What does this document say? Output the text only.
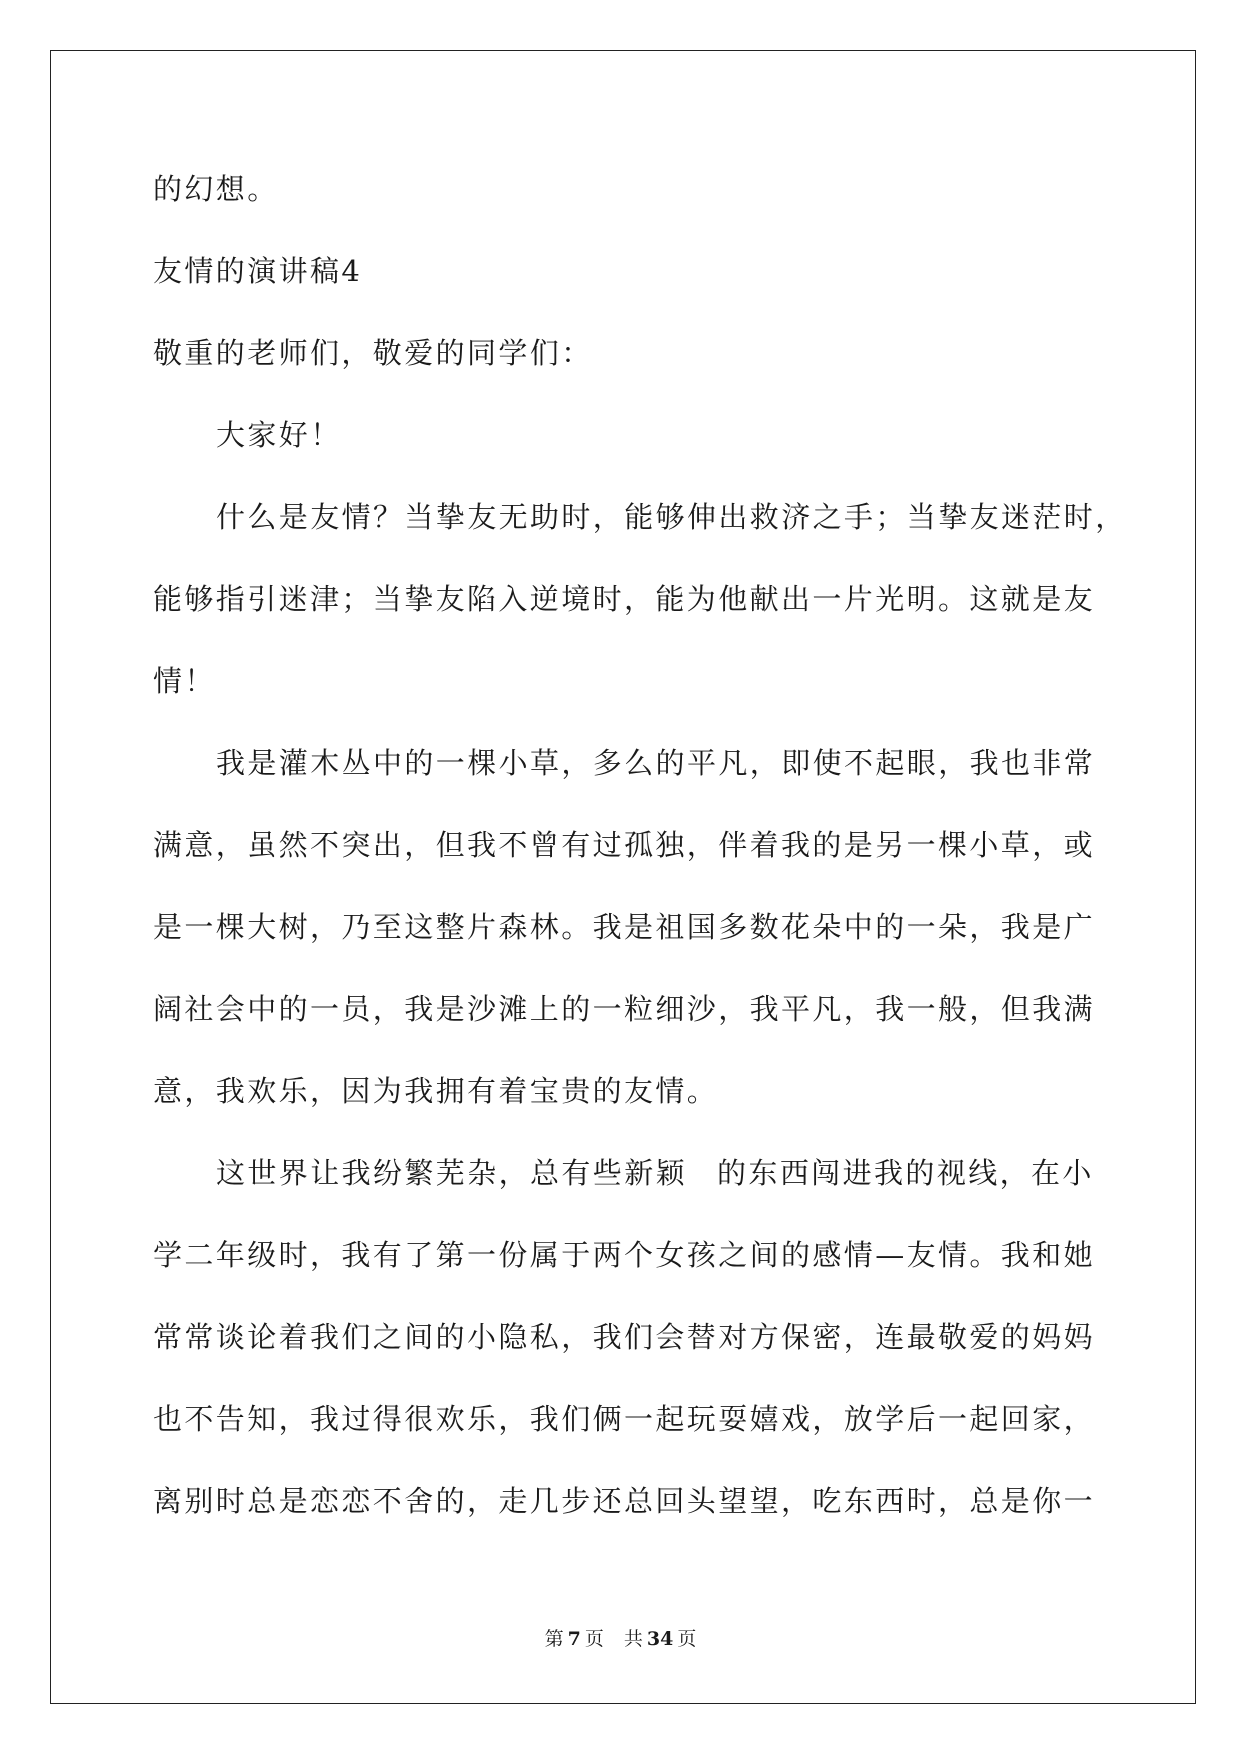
的幻想。
友情的演讲稿4
敬重的老师们，敬爱的同学们：
大家好！
什么是友情？当挚友无助时，能够伸出救济之手；当挚友迷茫时，
能够指引迷津；当挚友陷入逆境时，能为他献出一片光明。这就是友
情！
我是灌木丛中的一棵小草，多么的平凡，即使不起眼，我也非常
满意，虽然不突出，但我不曾有过孤独，伴着我的是另一棵小草，或
是一棵大树，乃至这整片森林。我是祖国多数花朵中的一朵，我是广
阔社会中的一员，我是沙滩上的一粒细沙，我平凡，我一般，但我满
意，我欢乐，因为我拥有着宝贵的友情。
这世界让我纷繁芜杂，总有些新颖 的东西闯进我的视线，在小
学二年级时，我有了第一份属于两个女孩之间的感情—友情。我和她
常常谈论着我们之间的小隐私，我们会替对方保密，连最敬爱的妈妈
也不告知，我过得很欢乐，我们俩一起玩耍嬉戏，放学后一起回家，
离别时总是恋恋不舍的，走几步还总回头望望，吃东西时，总是你一
第 7 页 共 34 页
